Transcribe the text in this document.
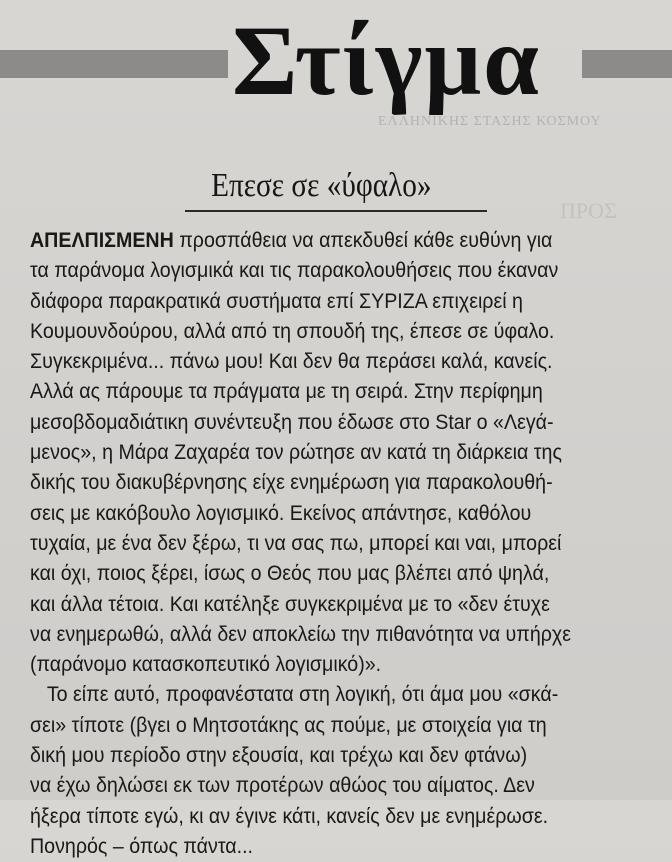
Στίγμα
ΕΛΛΗΝΙΚΗΣ ΣΤΑΣΗΣ ΚΟΣΜΟΥ
ΠΡΟΣ
Επεσε σε «ύφαλο»
ΑΠΕΛΠΙΣΜΕΝΗ προσπάθεια να απεκδυθεί κάθε ευθύνη για
τα παράνομα λογισμικά και τις παρακολουθήσεις που έκαναν
διάφορα παρακρατικά συστήματα επί ΣΥΡΙΖΑ επιχειρεί η
Κουμουνδούρου, αλλά από τη σπουδή της, έπεσε σε ύφαλο.
Συγκεκριμένα... πάνω μου! Και δεν θα περάσει καλά, κανείς.
Αλλά ας πάρουμε τα πράγματα με τη σειρά. Στην περίφημη
μεσοβδομαδιάτικη συνέντευξη που έδωσε στο Star ο «Λεγά-
μενος», η Μάρα Ζαχαρέα τον ρώτησε αν κατά τη διάρκεια της
δικής του διακυβέρνησης είχε ενημέρωση για παρακολουθή-
σεις με κακόβουλο λογισμικό. Εκείνος απάντησε, καθόλου
τυχαία, με ένα δεν ξέρω, τι να σας πω, μπορεί και ναι, μπορεί
και όχι, ποιος ξέρει, ίσως ο Θεός που μας βλέπει από ψηλά,
και άλλα τέτοια. Και κατέληξε συγκεκριμένα με το «δεν έτυχε
να ενημερωθώ, αλλά δεν αποκλείω την πιθανότητα να υπήρχε
(παράνομο κατασκοπευτικό λογισμικό)».
Το είπε αυτό, προφανέστατα στη λογική, ότι άμα μου «σκά-
σει» τίποτε (βγει ο Μητσοτάκης ας πούμε, με στοιχεία για τη
δική μου περίοδο στην εξουσία, και τρέχω και δεν φτάνω)
να έχω δηλώσει εκ των προτέρων αθώος του αίματος. Δεν
ήξερα τίποτε εγώ, κι αν έγινε κάτι, κανείς δεν με ενημέρωσε.
Πονηρός – όπως πάντα...
